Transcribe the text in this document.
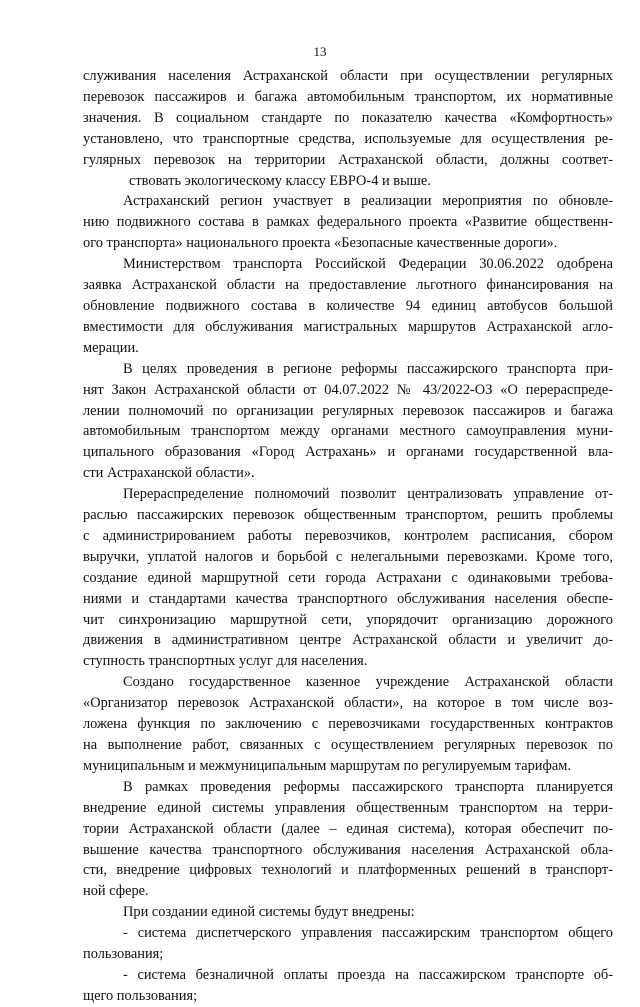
13
служивания населения Астраханской области при осуществлении регулярных
перевозок пассажиров и багажа автомобильным транспортом, их нормативные
значения. В социальном стандарте по показателю качества «Комфортность»
установлено, что транспортные средства, используемые для осуществления ре-
гулярных перевозок на территории Астраханской области, должны соответ-
ствовать экологическому классу ЕВРО-4 и выше.
Астраханский регион участвует в реализации мероприятия по обновле-
нию подвижного состава в рамках федерального проекта «Развитие общественн-
ого транспорта» национального проекта «Безопасные качественные дороги».
Министерством транспорта Российской Федерации 30.06.2022 одобрена
заявка Астраханской области на предоставление льготного финансирования на
обновление подвижного состава в количестве 94 единиц автобусов большой
вместимости для обслуживания магистральных маршрутов Астраханской агло-
мерации.
В целях проведения в регионе реформы пассажирского транспорта при-
нят Закон Астраханской области от 04.07.2022 № 43/2022-ОЗ «О перераспреде-
лении полномочий по организации регулярных перевозок пассажиров и багажа
автомобильным транспортом между органами местного самоуправления муни-
ципального образования «Город Астрахань» и органами государственной вла-
сти Астраханской области».
Перераспределение полномочий позволит централизовать управление от-
раслью пассажирских перевозок общественным транспортом, решить проблемы
с администрированием работы перевозчиков, контролем расписания, сбором
выручки, уплатой налогов и борьбой с нелегальными перевозками. Кроме того,
создание единой маршрутной сети города Астрахани с одинаковыми требова-
ниями и стандартами качества транспортного обслуживания населения обеспе-
чит синхронизацию маршрутной сети, упорядочит организацию дорожного
движения в административном центре Астраханской области и увеличит до-
ступность транспортных услуг для населения.
Создано государственное казенное учреждение Астраханской области
«Организатор перевозок Астраханской области», на которое в том числе воз-
ложена функция по заключению с перевозчиками государственных контрактов
на выполнение работ, связанных с осуществлением регулярных перевозок по
муниципальным и межмуниципальным маршрутам по регулируемым тарифам.
В рамках проведения реформы пассажирского транспорта планируется
внедрение единой системы управления общественным транспортом на терри-
тории Астраханской области (далее – единая система), которая обеспечит по-
вышение качества транспортного обслуживания населения Астраханской обла-
сти, внедрение цифровых технологий и платформенных решений в транспорт-
ной сфере.
При создании единой системы будут внедрены:
- система диспетчерского управления пассажирским транспортом общего
пользования;
- система безналичной оплаты проезда на пассажирском транспорте об-
щего пользования;
